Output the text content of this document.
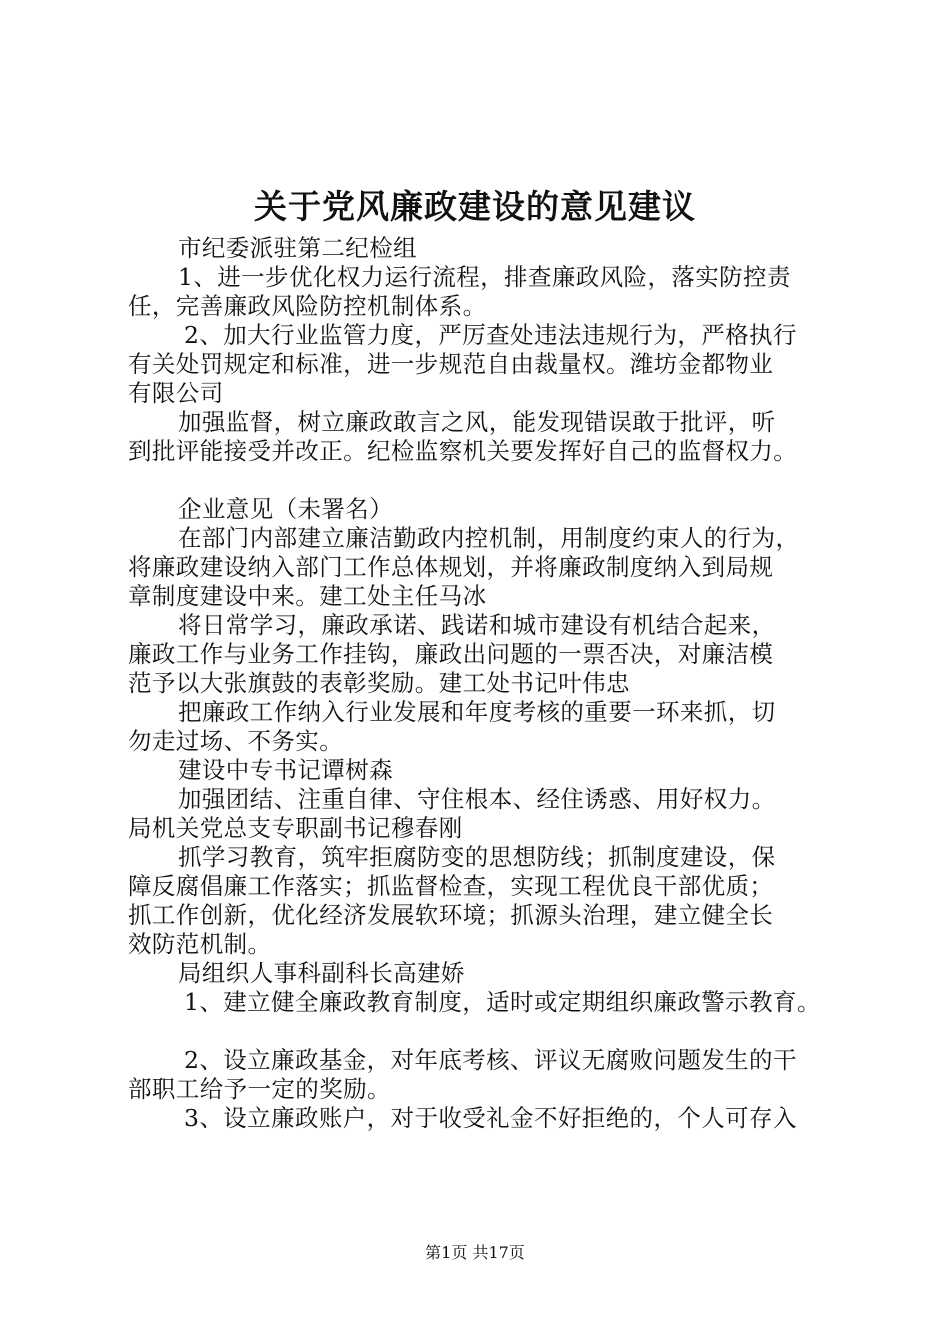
关于党风廉政建设的意见建议
市纪委派驻第二纪检组
1、进一步优化权力运行流程，排查廉政风险，落实防控责
任，完善廉政风险防控机制体系。
2、加大行业监管力度，严厉查处违法违规行为，严格执行
有关处罚规定和标准，进一步规范自由裁量权。潍坊金都物业
有限公司
加强监督，树立廉政敢言之风，能发现错误敢于批评，听
到批评能接受并改正。纪检监察机关要发挥好自己的监督权力。
企业意见（未署名）
在部门内部建立廉洁勤政内控机制，用制度约束人的行为，
将廉政建设纳入部门工作总体规划，并将廉政制度纳入到局规
章制度建设中来。建工处主任马冰
将日常学习，廉政承诺、践诺和城市建设有机结合起来，
廉政工作与业务工作挂钩，廉政出问题的一票否决，对廉洁模
范予以大张旗鼓的表彰奖励。建工处书记叶伟忠
把廉政工作纳入行业发展和年度考核的重要一环来抓，切
勿走过场、不务实。
建设中专书记谭树森
加强团结、注重自律、守住根本、经住诱惑、用好权力。
局机关党总支专职副书记穆春刚
抓学习教育，筑牢拒腐防变的思想防线；抓制度建设，保
障反腐倡廉工作落实；抓监督检查，实现工程优良干部优质；
抓工作创新，优化经济发展软环境；抓源头治理，建立健全长
效防范机制。
局组织人事科副科长高建娇
1、建立健全廉政教育制度，适时或定期组织廉政警示教育。
2、设立廉政基金，对年底考核、评议无腐败问题发生的干
部职工给予一定的奖励。
3、设立廉政账户，对于收受礼金不好拒绝的，个人可存入
第1页 共17页
